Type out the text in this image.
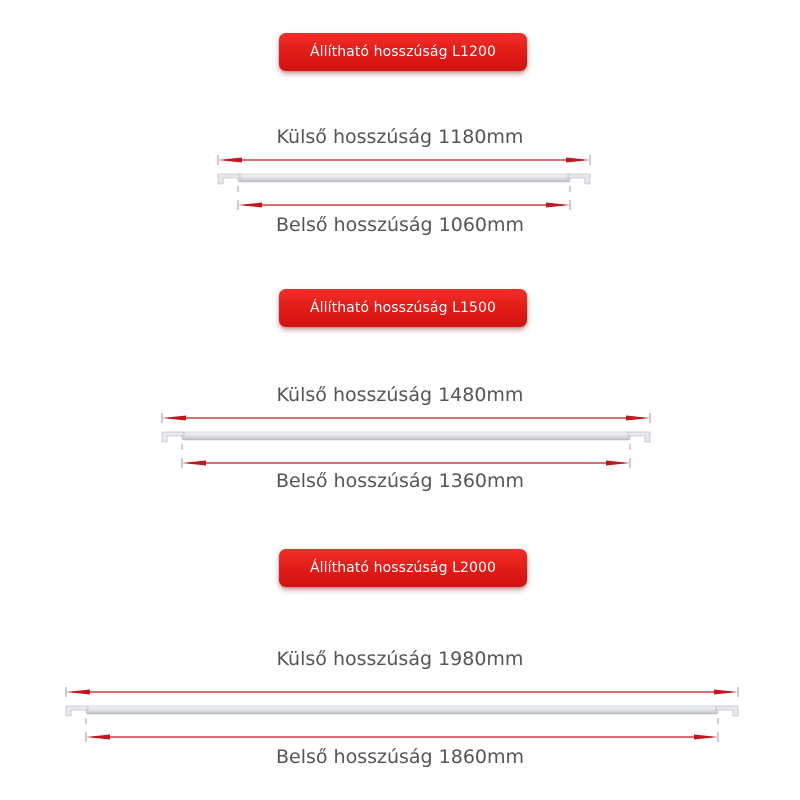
Állítható hosszúság L1200
Külső hosszúság 1180mm
Belső hosszúság 1060mm
Állítható hosszúság L1500
Külső hosszúság 1480mm
Belső hosszúság 1360mm
Állítható hosszúság L2000
Külső hosszúság 1980mm
Belső hosszúság 1860mm
